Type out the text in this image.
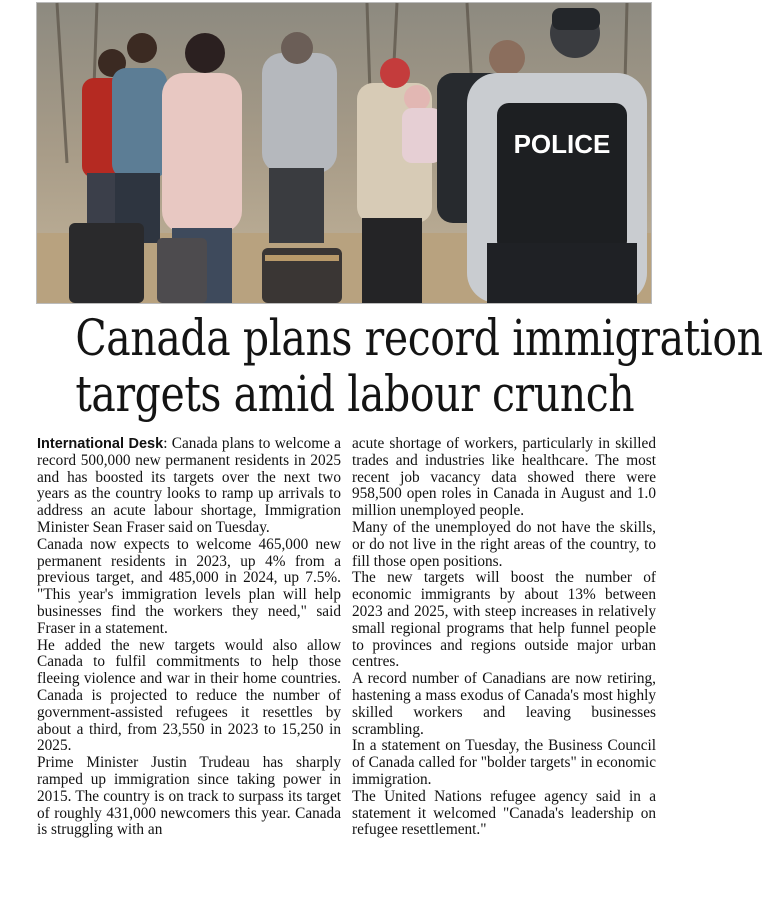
POLICE
Canada plans record immigration
targets amid labour crunch

International Desk: Canada plans to welcome a record 500,000 new permanent residents in 2025 and has boosted its targets over the next two years as the country looks to ramp up arrivals to address an acute labour shortage, Immigration Minister Sean Fraser said on Tuesday.

Canada now expects to welcome 465,000 new permanent residents in 2023, up 4% from a previous target, and 485,000 in 2024, up 7.5%. "This year's immigration levels plan will help businesses find the workers they need," said Fraser in a statement.

He added the new targets would also allow Canada to fulfil commitments to help those fleeing violence and war in their home countries. Canada is projected to reduce the number of government-assisted refugees it resettles by about a third, from 23,550 in 2023 to 15,250 in 2025.

Prime Minister Justin Trudeau has sharply ramped up immigration since taking power in 2015. The country is on track to surpass its target of roughly 431,000 newcomers this year. Canada is struggling with an

acute shortage of workers, particularly in skilled trades and industries like healthcare. The most recent job vacancy data showed there were 958,500 open roles in Canada in August and 1.0 million unemployed people.

Many of the unemployed do not have the skills, or do not live in the right areas of the country, to fill those open positions.

The new targets will boost the number of economic immigrants by about 13% between 2023 and 2025, with steep increases in relatively small regional programs that help funnel people to provinces and regions outside major urban centres.

A record number of Canadians are now retiring, hastening a mass exodus of Canada's most highly skilled workers and leaving businesses scrambling.

In a statement on Tuesday, the Business Council of Canada called for "bolder targets" in economic immigration.

The United Nations refugee agency said in a statement it welcomed "Canada's leadership on refugee resettlement."
